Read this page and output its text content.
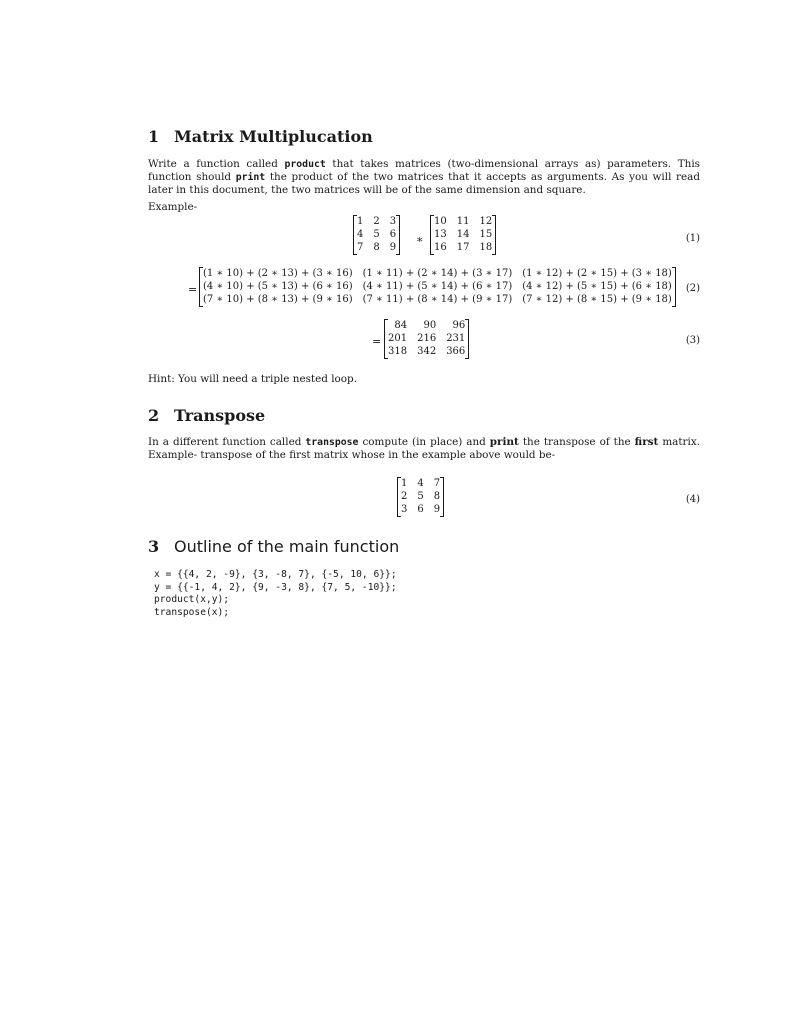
1 Matrix Multiplucation
Write a function called product that takes matrices (two-dimensional arrays as) parameters. This function should print the product of the two matrices that it accepts as arguments. As you will read later in this document, the two matrices will be of the same dimension and square.
Example-
1 2 3
4 5 6
7 8 9
∗
10 11 12
13 14 15
16 17 18
(1)
=
(1 ∗ 10) + (2 ∗ 13) + (3 ∗ 16) (1 ∗ 11) + (2 ∗ 14) + (3 ∗ 17) (1 ∗ 12) + (2 ∗ 15) + (3 ∗ 18)
(4 ∗ 10) + (5 ∗ 13) + (6 ∗ 16) (4 ∗ 11) + (5 ∗ 14) + (6 ∗ 17) (4 ∗ 12) + (5 ∗ 15) + (6 ∗ 18)
(7 ∗ 10) + (8 ∗ 13) + (9 ∗ 16) (7 ∗ 11) + (8 ∗ 14) + (9 ∗ 17) (7 ∗ 12) + (8 ∗ 15) + (9 ∗ 18)
(2)
=
84	90	96
201 216 231
318 342 366
(3)
Hint: You will need a triple nested loop.
2 Transpose
In a different function called transpose compute (in place) and print the transpose of the first matrix. Example- transpose of the first matrix whose in the example above would be-
1 4 7
2 5 8
3 6 9
(4)
3 Outline of the main function
x = {{4, 2, -9}, {3, -8, 7}, {-5, 10, 6}};
y = {{-1, 4, 2}, {9, -3, 8}, {7, 5, -10}};
product(x,y);
transpose(x);
